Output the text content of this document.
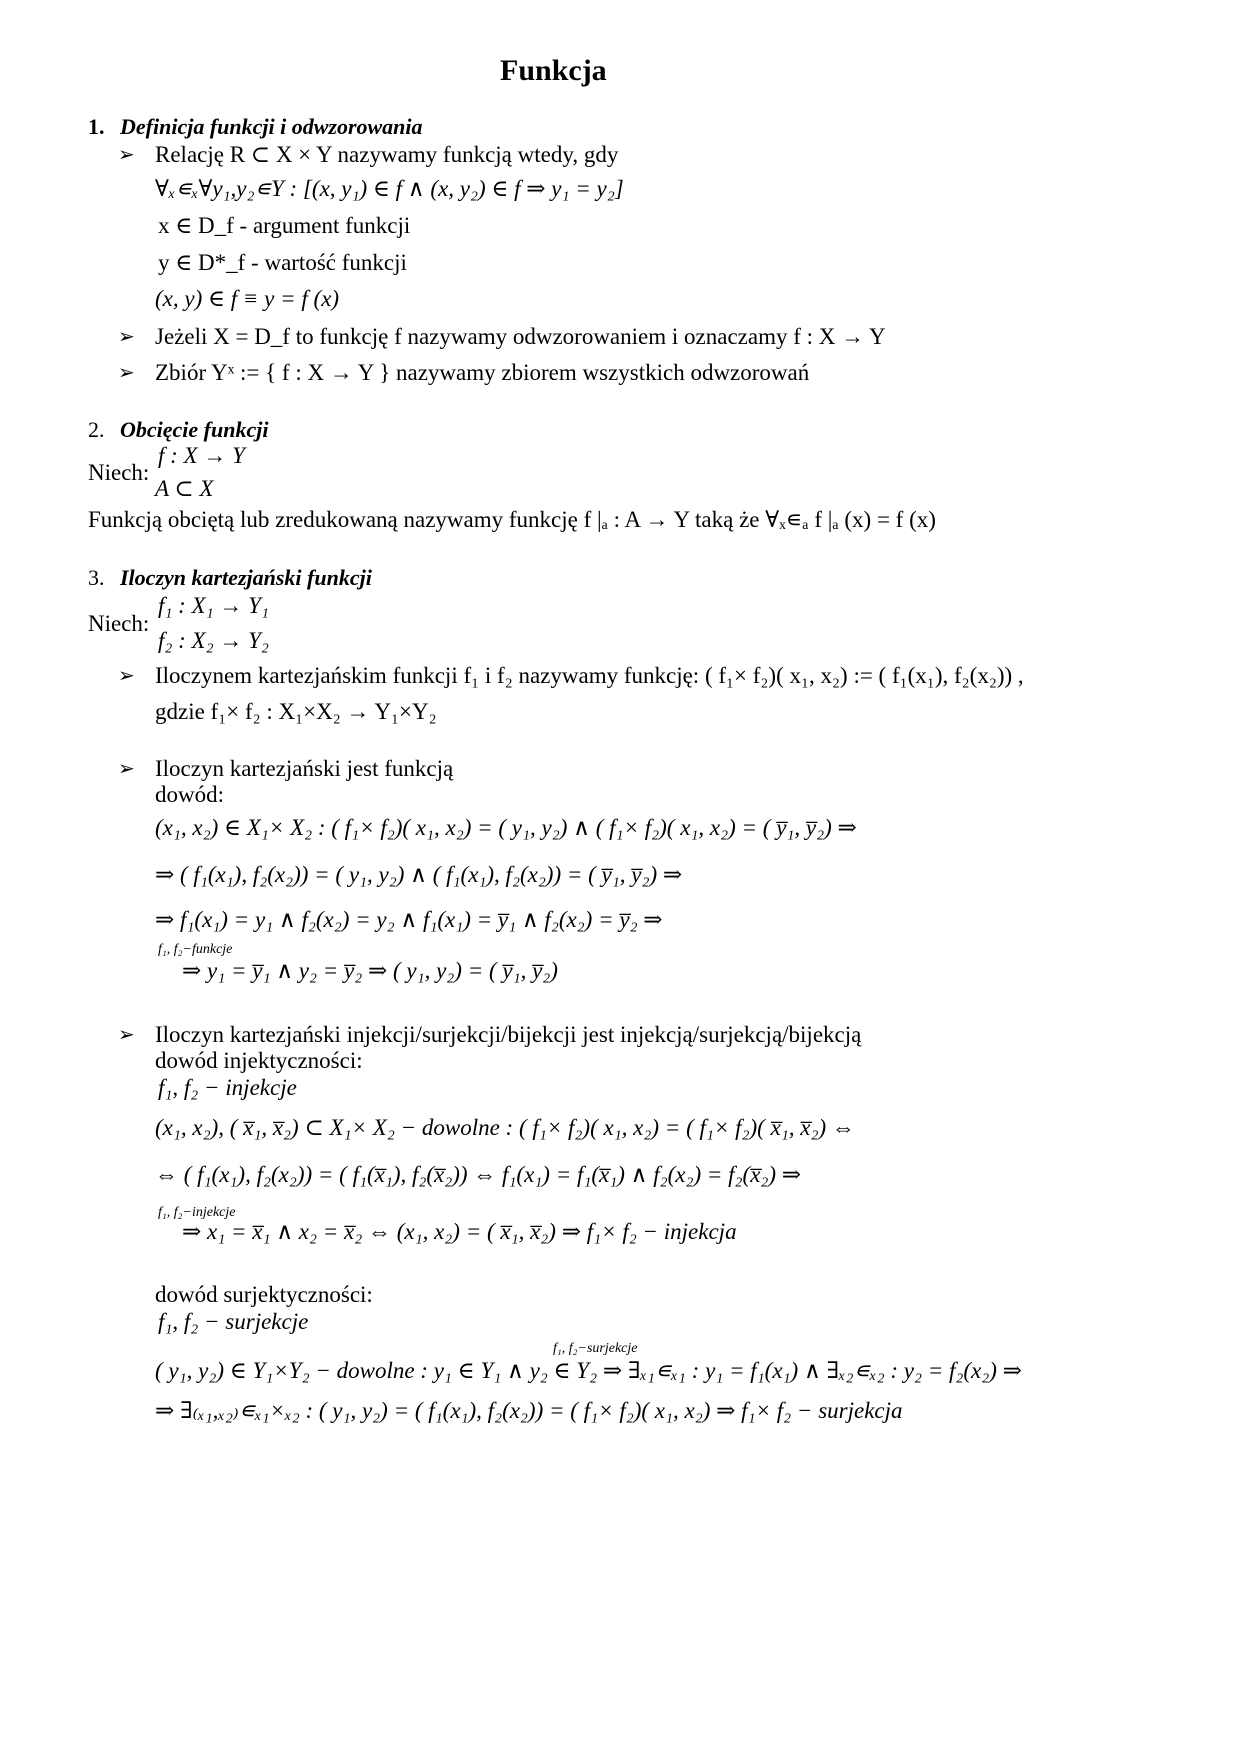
Funkcja
1. Definicja funkcji i odwzorowania
➢ Relację R ⊂ X × Y nazywamy funkcją wtedy, gdy
∀ₓ∊ₓ∀y₁,y₂∊Y : [(x, y₁) ∈ f ∧ (x, y₂) ∈ f ⇒ y₁ = y₂]
x ∈ D_f - argument funkcji
y ∈ D*_f - wartość funkcji
(x, y) ∈ f ≡ y = f (x)
➢ Jeżeli X = D_f to funkcję f nazywamy odwzorowaniem i oznaczamy f : X → Y
➢ Zbiór Yˣ := { f : X → Y } nazywamy zbiorem wszystkich odwzorowań
2. Obcięcie funkcji
f : X → Y
Niech:
A ⊂ X
Funkcją obciętą lub zredukowaną nazywamy funkcję f |ₐ : A → Y taką że ∀ₓ∊ₐ f |ₐ (x) = f (x)
3. Iloczyn kartezjański funkcji
f₁ : X₁ → Y₁
Niech:
f₂ : X₂ → Y₂
➢ Iloczynem kartezjańskim funkcji f₁ i f₂ nazywamy funkcję: ( f₁× f₂)( x₁, x₂) := ( f₁(x₁), f₂(x₂)) ,
gdzie f₁× f₂ : X₁×X₂ → Y₁×Y₂
➢ Iloczyn kartezjański jest funkcją
dowód:
(x₁, x₂) ∈ X₁× X₂ : ( f₁× f₂)( x₁, x₂) = ( y₁, y₂) ∧ ( f₁× f₂)( x₁, x₂) = ( y̅₁, y̅₂) ⇒
⇒ ( f₁(x₁), f₂(x₂)) = ( y₁, y₂) ∧ ( f₁(x₁), f₂(x₂)) = ( y̅₁, y̅₂) ⇒
⇒ f₁(x₁) = y₁ ∧ f₂(x₂) = y₂ ∧ f₁(x₁) = y̅₁ ∧ f₂(x₂) = y̅₂ ⇒
f₁, f₂−funkcje
⇒ y₁ = y̅₁ ∧ y₂ = y̅₂ ⇒ ( y₁, y₂) = ( y̅₁, y̅₂)
➢ Iloczyn kartezjański injekcji/surjekcji/bijekcji jest injekcją/surjekcją/bijekcją
dowód injektyczności:
f₁, f₂ − injekcje
(x₁, x₂), ( x̅₁, x̅₂) ⊂ X₁× X₂ − dowolne : ( f₁× f₂)( x₁, x₂) = ( f₁× f₂)( x̅₁, x̅₂) ⇔
⇔ ( f₁(x₁), f₂(x₂)) = ( f₁(x̅₁), f₂(x̅₂)) ⇔ f₁(x₁) = f₁(x̅₁) ∧ f₂(x₂) = f₂(x̅₂) ⇒
f₁, f₂−injekcje
⇒ x₁ = x̅₁ ∧ x₂ = x̅₂ ⇔ (x₁, x₂) = ( x̅₁, x̅₂) ⇒ f₁× f₂ − injekcja
dowód surjektyczności:
f₁, f₂ − surjekcje
f₁, f₂−surjekcje
( y₁, y₂) ∈ Y₁×Y₂ − dowolne : y₁ ∈ Y₁ ∧ y₂ ∈ Y₂ ⇒ ∃ₓ₁∊ₓ₁ : y₁ = f₁(x₁) ∧ ∃ₓ₂∊ₓ₂ : y₂ = f₂(x₂) ⇒
⇒ ∃₍ₓ₁,ₓ₂₎∊ₓ₁×ₓ₂ : ( y₁, y₂) = ( f₁(x₁), f₂(x₂)) = ( f₁× f₂)( x₁, x₂) ⇒ f₁× f₂ − surjekcja
